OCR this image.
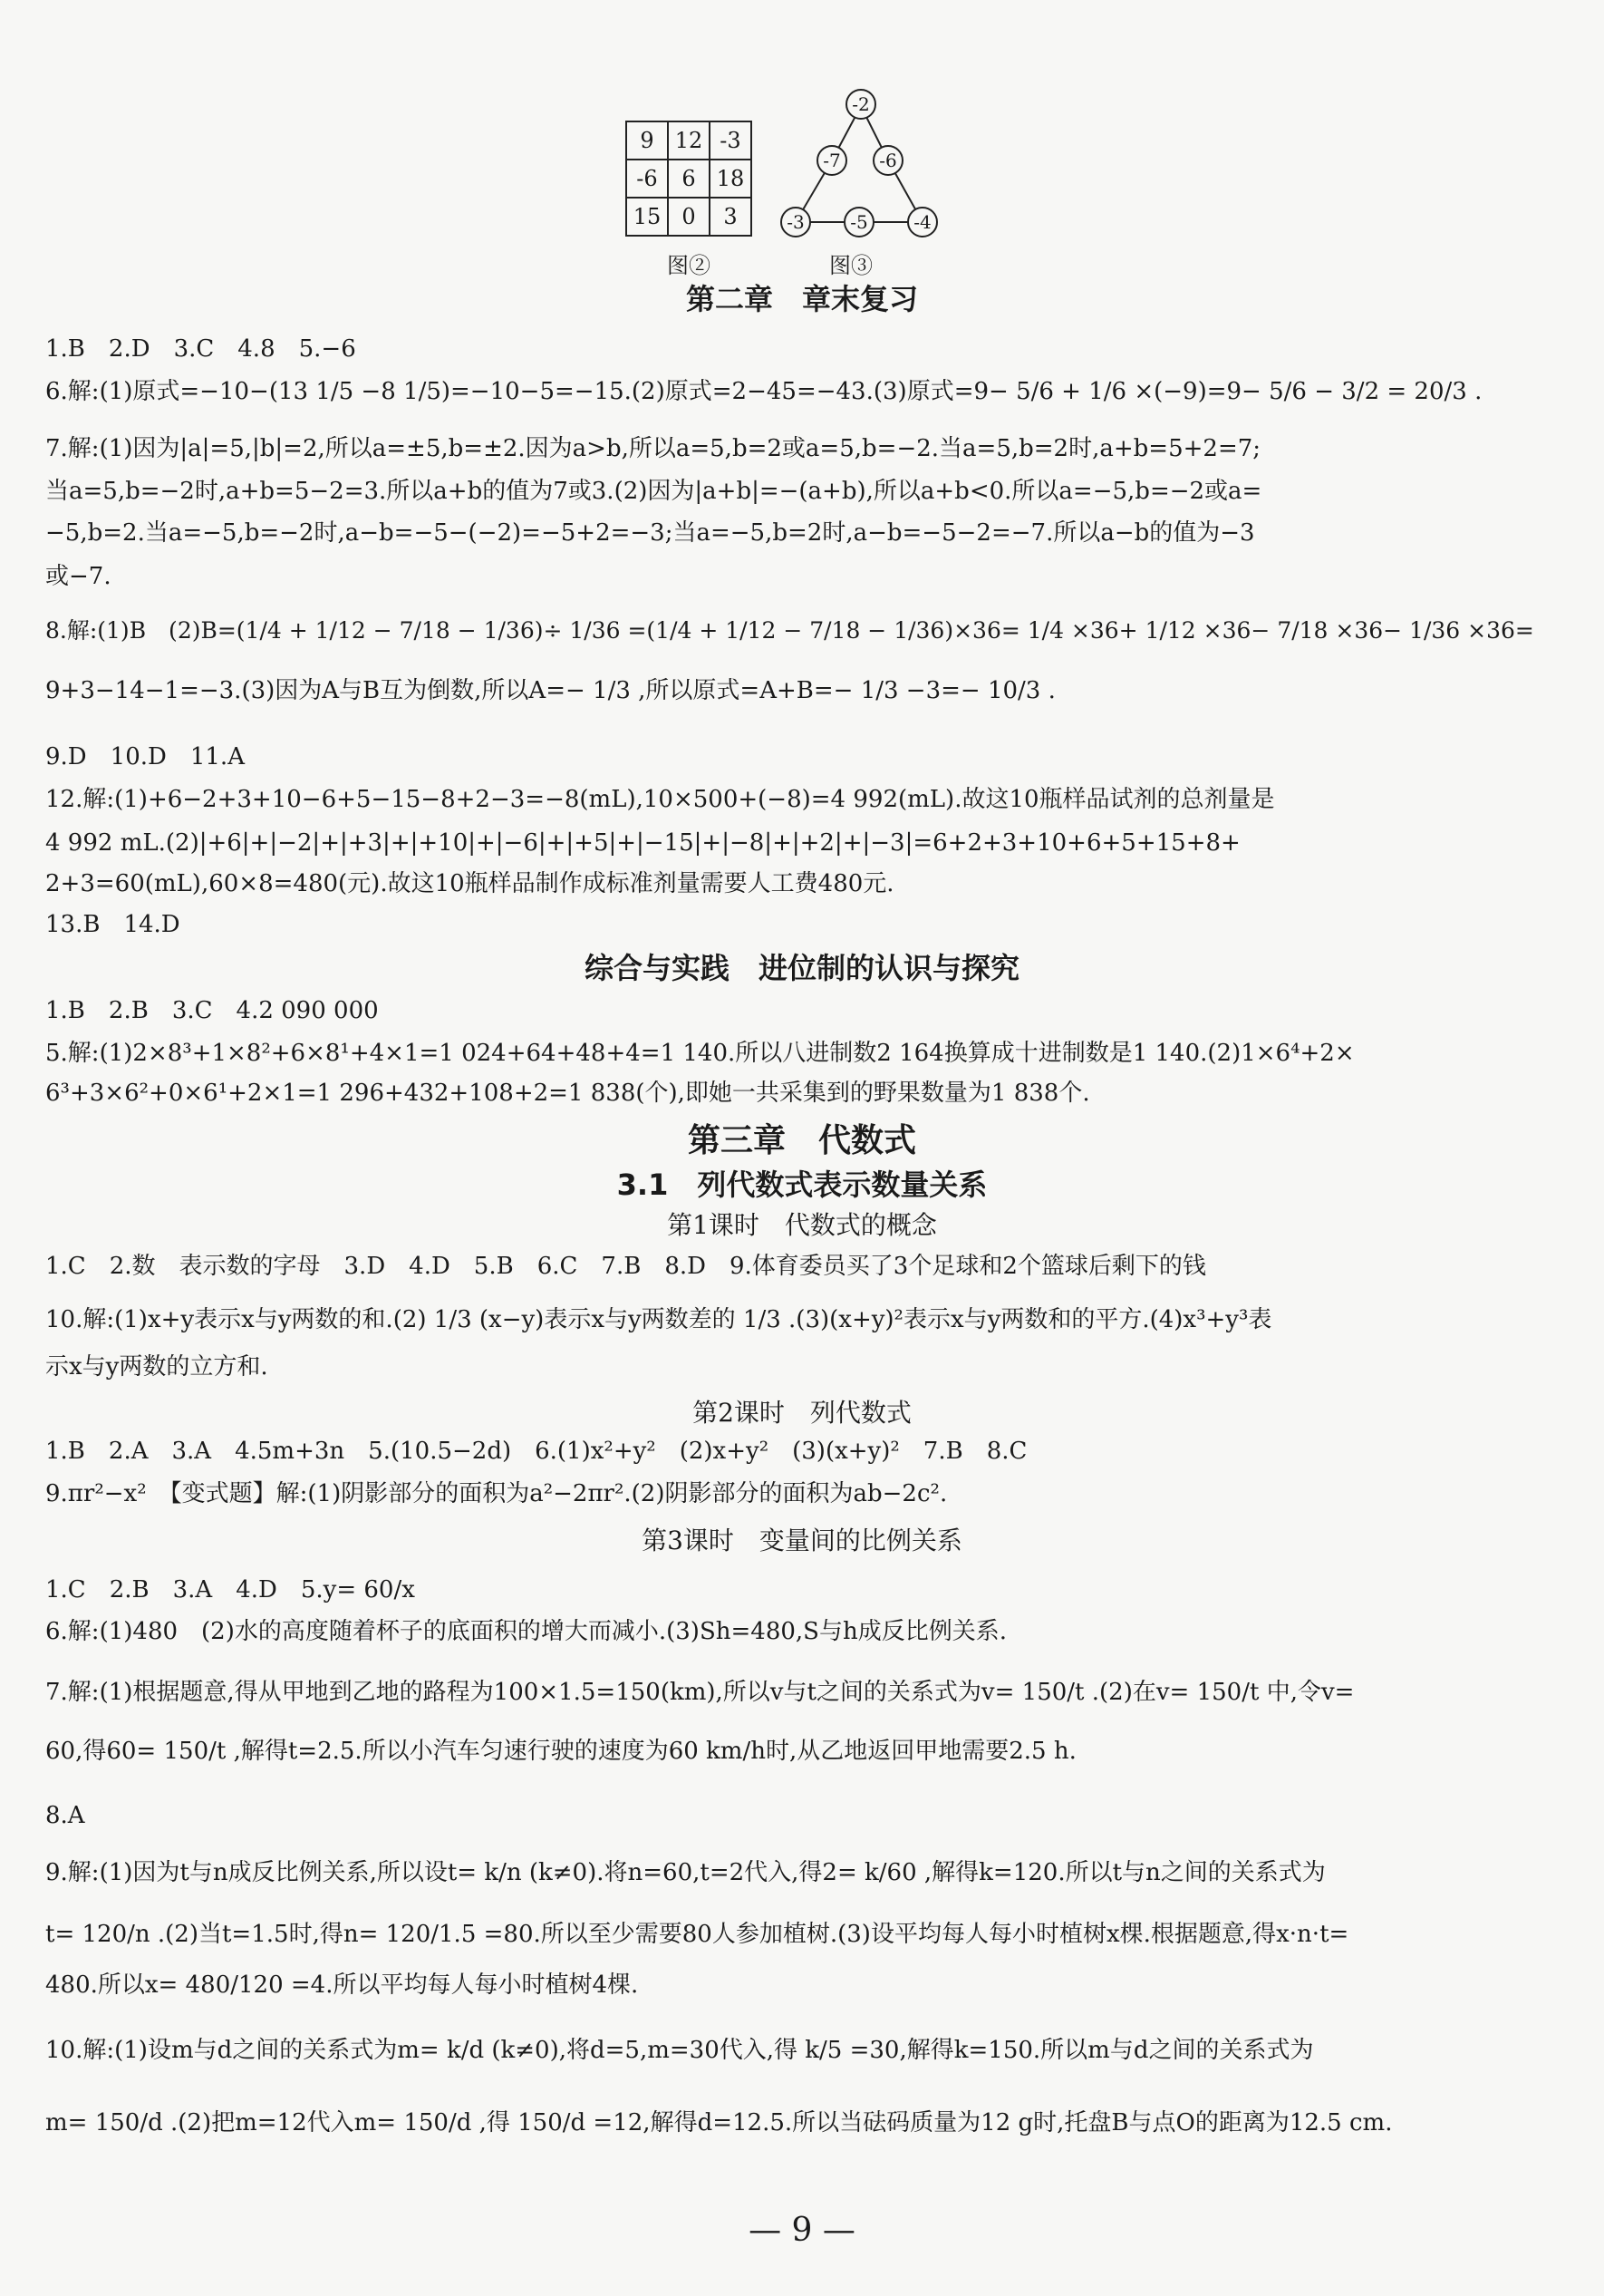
9	12	-3
-6	6	18
15	0	3
图②
-2
-7 -6
-3	-5	-4
图③
第二章　章末复习
1.B　2.D　3.C　4.8　5.−6
6.解:(1)原式=−10−(13 1/5 −8 1/5)=−10−5=−15.(2)原式=2−45=−43.(3)原式=9− 5/6 + 1/6 ×(−9)=9− 5/6 − 3/2 = 20/3 .
7.解:(1)因为|a|=5,|b|=2,所以a=±5,b=±2.因为a>b,所以a=5,b=2或a=5,b=−2.当a=5,b=2时,a+b=5+2=7;
当a=5,b=−2时,a+b=5−2=3.所以a+b的值为7或3.(2)因为|a+b|=−(a+b),所以a+b<0.所以a=−5,b=−2或a=
−5,b=2.当a=−5,b=−2时,a−b=−5−(−2)=−5+2=−3;当a=−5,b=2时,a−b=−5−2=−7.所以a−b的值为−3
或−7.
8.解:(1)B　(2)B=(1/4 + 1/12 − 7/18 − 1/36)÷ 1/36 =(1/4 + 1/12 − 7/18 − 1/36)×36= 1/4 ×36+ 1/12 ×36− 7/18 ×36− 1/36 ×36=
9+3−14−1=−3.(3)因为A与B互为倒数,所以A=− 1/3 ,所以原式=A+B=− 1/3 −3=− 10/3 .
9.D　10.D　11.A
12.解:(1)+6−2+3+10−6+5−15−8+2−3=−8(mL),10×500+(−8)=4 992(mL).故这10瓶样品试剂的总剂量是
4 992 mL.(2)|+6|+|−2|+|+3|+|+10|+|−6|+|+5|+|−15|+|−8|+|+2|+|−3|=6+2+3+10+6+5+15+8+
2+3=60(mL),60×8=480(元).故这10瓶样品制作成标准剂量需要人工费480元.
13.B　14.D
综合与实践　进位制的认识与探究
1.B　2.B　3.C　4.2 090 000
5.解:(1)2×8³+1×8²+6×8¹+4×1=1 024+64+48+4=1 140.所以八进制数2 164换算成十进制数是1 140.(2)1×6⁴+2×
6³+3×6²+0×6¹+2×1=1 296+432+108+2=1 838(个),即她一共采集到的野果数量为1 838个.
第三章　代数式
3.1　列代数式表示数量关系
第1课时　代数式的概念
1.C　2.数　表示数的字母　3.D　4.D　5.B　6.C　7.B　8.D　9.体育委员买了3个足球和2个篮球后剩下的钱
10.解:(1)x+y表示x与y两数的和.(2) 1/3 (x−y)表示x与y两数差的 1/3 .(3)(x+y)²表示x与y两数和的平方.(4)x³+y³表
示x与y两数的立方和.
第2课时　列代数式
1.B　2.A　3.A　4.5m+3n　5.(10.5−2d)　6.(1)x²+y²　(2)x+y²　(3)(x+y)²　7.B　8.C
9.πr²−x²　【变式题】解:(1)阴影部分的面积为a²−2πr².(2)阴影部分的面积为ab−2c².
第3课时　变量间的比例关系
1.C　2.B　3.A　4.D　5.y= 60/x
6.解:(1)480　(2)水的高度随着杯子的底面积的增大而减小.(3)Sh=480,S与h成反比例关系.
7.解:(1)根据题意,得从甲地到乙地的路程为100×1.5=150(km),所以v与t之间的关系式为v= 150/t .(2)在v= 150/t 中,令v=
60,得60= 150/t ,解得t=2.5.所以小汽车匀速行驶的速度为60 km/h时,从乙地返回甲地需要2.5 h.
8.A
9.解:(1)因为t与n成反比例关系,所以设t= k/n (k≠0).将n=60,t=2代入,得2= k/60 ,解得k=120.所以t与n之间的关系式为
t= 120/n .(2)当t=1.5时,得n= 120/1.5 =80.所以至少需要80人参加植树.(3)设平均每人每小时植树x棵.根据题意,得x·n·t=
480.所以x= 480/120 =4.所以平均每人每小时植树4棵.
10.解:(1)设m与d之间的关系式为m= k/d (k≠0),将d=5,m=30代入,得 k/5 =30,解得k=150.所以m与d之间的关系式为
m= 150/d .(2)把m=12代入m= 150/d ,得 150/d =12,解得d=12.5.所以当砝码质量为12 g时,托盘B与点O的距离为12.5 cm.
— 9 —
